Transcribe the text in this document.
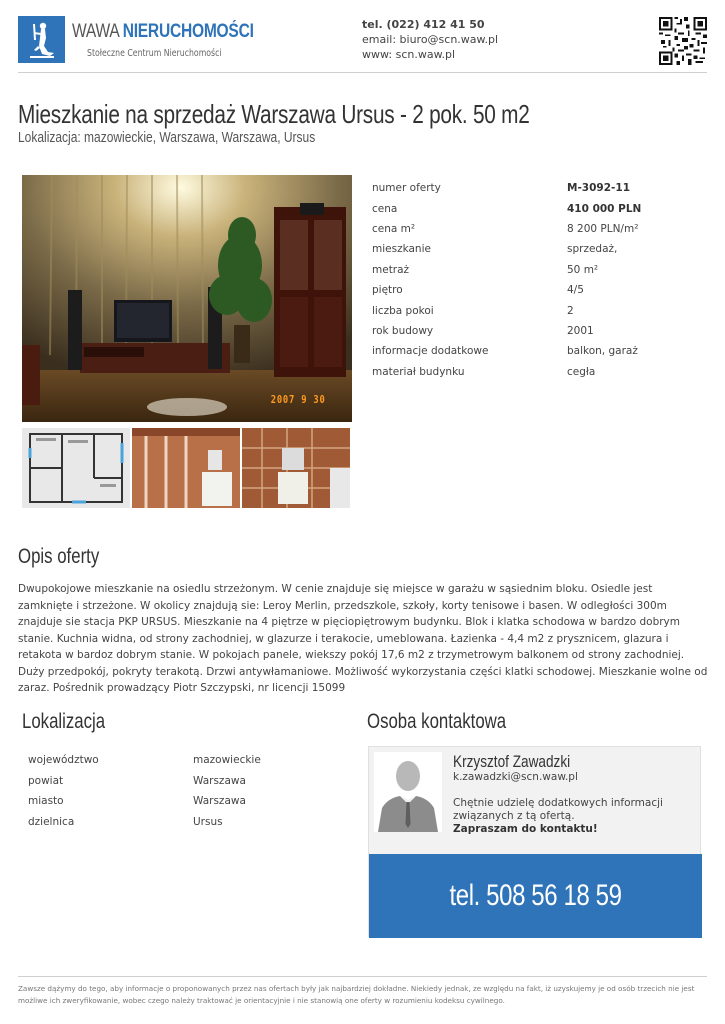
WAWA NIERUCHOMOŚCI
Stołeczne Centrum Nieruchomości
tel. (022) 412 41 50
email: biuro@scn.waw.pl
www: scn.waw.pl
Mieszkanie na sprzedaż Warszawa Ursus - 2 pok. 50 m2
Lokalizacja: mazowieckie, Warszawa, Warszawa, Ursus
2007 9 30
numer oferty	M-3092-11
cena	410 000 PLN
cena m²	8 200 PLN/m²
mieszkanie	sprzedaż,
metraż	50 m²
piętro	4/5
liczba pokoi	2
rok budowy	2001
informacje dodatkowe	balkon, garaż
materiał budynku	cegła
Opis oferty

Dwupokojowe mieszkanie na osiedlu strzeżonym. W cenie znajduje się miejsce w garażu w sąsiednim bloku. Osiedle jest zamknięte i strzeżone. W okolicy znajdują sie: Leroy Merlin, przedszkole, szkoły, korty tenisowe i basen. W odległości 300m znajduje sie stacja PKP URSUS. Mieszkanie na 4 piętrze w pięciopiętrowym budynku. Blok i klatka schodowa w bardzo dobrym stanie. Kuchnia widna, od strony zachodniej, w glazurze i terakocie, umeblowana. Łazienka - 4,4 m2 z prysznicem, glazura i retakota w bardoz dobrym stanie. W pokojach panele, wiekszy pokój 17,6 m2 z trzymetrowym balkonem od strony zachodniej. Duży przedpokój, pokryty terakotą. Drzwi antywłamaniowe. Możliwość wykorzystania części klatki schodowej. Mieszkanie wolne od zaraz. Pośrednik prowadzący Piotr Szczypski, nr licencji 15099

Lokalizacja
województwo	mazowieckie
powiat	Warszawa
miasto	Warszawa
dzielnica	Ursus
Osoba kontaktowa
Krzysztof Zawadzki
k.zawadzki@scn.waw.pl
Chętnie udzielę dodatkowych informacji związanych z tą ofertą.
Zapraszam do kontaktu!
tel. 508 56 18 59
Zawsze dążymy do tego, aby informacje o proponowanych przez nas ofertach były jak najbardziej dokładne. Niekiedy jednak, ze względu na fakt, iż uzyskujemy je od osób trzecich nie jest możliwe ich zweryfikowanie, wobec czego należy traktować je orientacyjnie i nie stanowią one oferty w rozumieniu kodeksu cywilnego.
